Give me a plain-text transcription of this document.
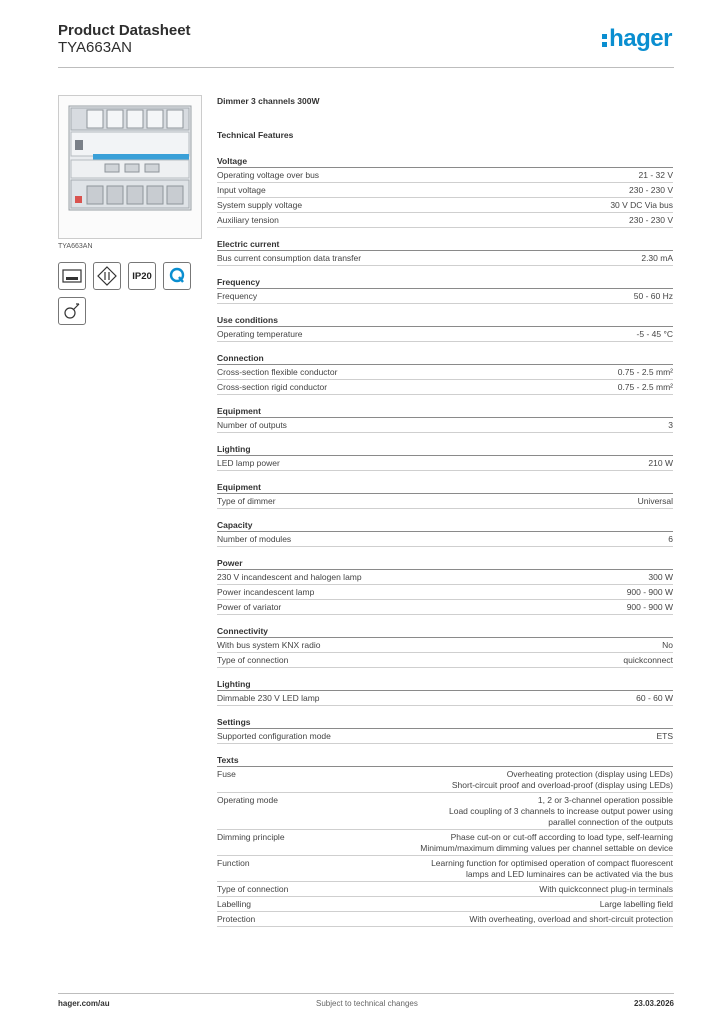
Product Datasheet
TYA663AN	hager
TYA663AN
IP20
Dimmer 3 channels 300W
Technical Features
Voltage
Operating voltage over bus	21 - 32 V
Input voltage	230 - 230 V
System supply voltage	30 V DC Via bus
Auxiliary tension	230 - 230 V
Electric current
Bus current consumption data transfer	2.30 mA
Frequency
Frequency	50 - 60 Hz
Use conditions
Operating temperature	-5 - 45 °C
Connection
Cross-section flexible conductor	0.75 - 2.5 mm²
Cross-section rigid conductor	0.75 - 2.5 mm²
Equipment
Number of outputs	3
Lighting
LED lamp power	210 W
Equipment
Type of dimmer	Universal
Capacity
Number of modules	6
Power
230 V incandescent and halogen lamp	300 W
Power incandescent lamp	900 - 900 W
Power of variator	900 - 900 W
Connectivity
With bus system KNX radio	No
Type of connection	quickconnect
Lighting
Dimmable 230 V LED lamp	60 - 60 W
Settings
Supported configuration mode	ETS
Texts
Fuse	Overheating protection (display using LEDs)
Short-circuit proof and overload-proof (display using LEDs)
Operating mode	1, 2 or 3-channel operation possible
Load coupling of 3 channels to increase output power using
parallel connection of the outputs
Dimming principle	Phase cut-on or cut-off according to load type, self-learning
Minimum/maximum dimming values per channel settable on device
Function	Learning function for optimised operation of compact fluorescent
lamps and LED luminaires can be activated via the bus
Type of connection	With quickconnect plug-in terminals
Labelling	Large labelling field
Protection	With overheating, overload and short-circuit protection
hager.com/au	Subject to technical changes	23.03.2026
